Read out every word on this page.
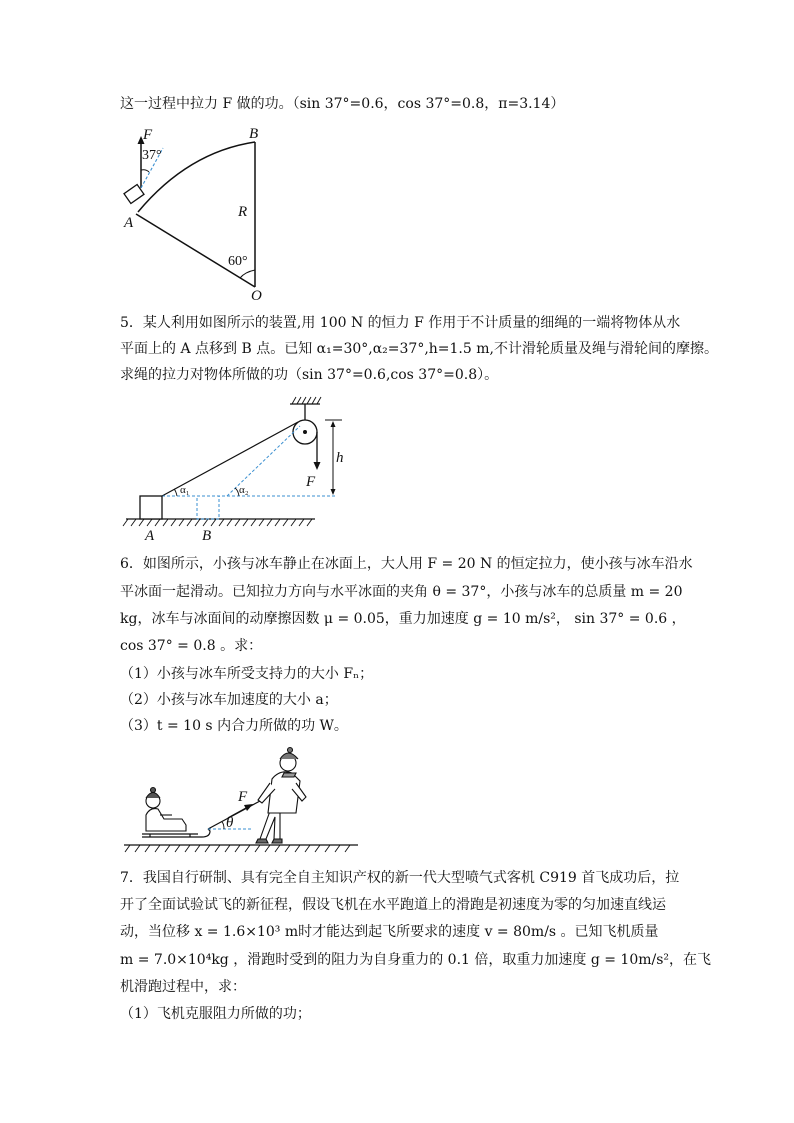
这一过程中拉力 F 做的功。（sin 37°=0.6，cos 37°=0.8，π=3.14）
F
37°
B
A
R
60°
O
5．某人利用如图所示的装置,用 100 N 的恒力 F 作用于不计质量的细绳的一端将物体从水
平面上的 A 点移到 B 点。已知 α₁=30°,α₂=37°,h=1.5 m,不计滑轮质量及绳与滑轮间的摩擦。
求绳的拉力对物体所做的功（sin 37°=0.6,cos 37°=0.8）。
F
h
α₁	α₂
A	B
6．如图所示，小孩与冰车静止在冰面上，大人用 F = 20 N 的恒定拉力，使小孩与冰车沿水
平冰面一起滑动。已知拉力方向与水平冰面的夹角 θ = 37°，小孩与冰车的总质量 m = 20
kg，冰车与冰面间的动摩擦因数 μ = 0.05，重力加速度 g = 10 m/s²， sin 37° = 0.6 ，
cos 37° = 0.8 。求：
（1）小孩与冰车所受支持力的大小 Fₙ；
（2）小孩与冰车加速度的大小 a；
（3）t = 10 s 内合力所做的功 W。
F
θ
7．我国自行研制、具有完全自主知识产权的新一代大型喷气式客机 C919 首飞成功后，拉
开了全面试验试飞的新征程，假设飞机在水平跑道上的滑跑是初速度为零的匀加速直线运
动，当位移 x = 1.6×10³ m时才能达到起飞所要求的速度 v = 80m/s 。已知飞机质量
m = 7.0×10⁴kg ，滑跑时受到的阻力为自身重力的 0.1 倍，取重力加速度 g = 10m/s²，在飞
机滑跑过程中，求：
（1）飞机克服阻力所做的功；
